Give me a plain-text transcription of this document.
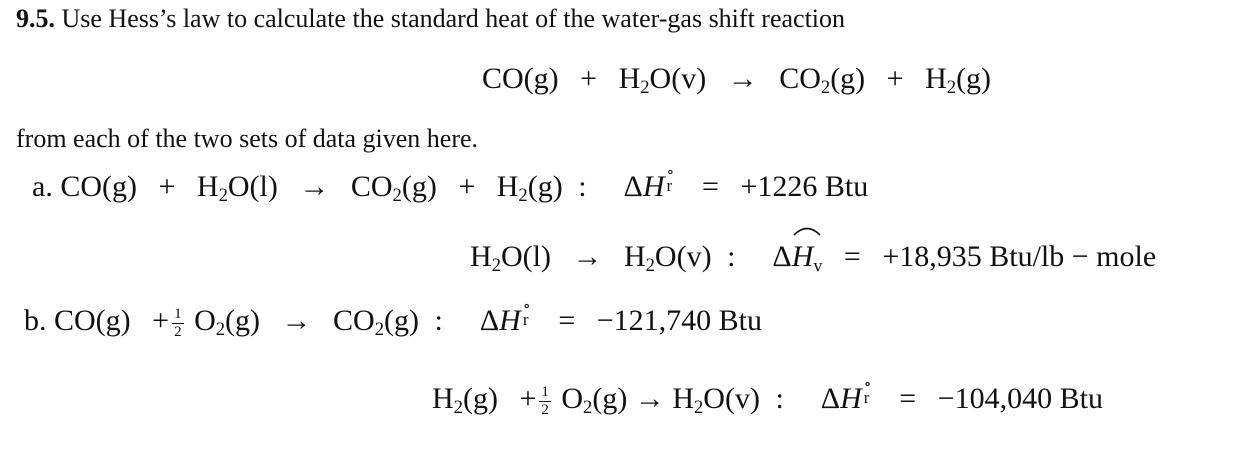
9.5. Use Hess’s law to calculate the standard heat of the water-gas shift reaction
$CO(g) + H_2O(v) \to CO_2(g) + H_2(g)$
from each of the two sets of data given here.
a. $CO(g) + H_2O(l) \to CO_2(g) + H_2(g)$ : ΔH ∘
r = +1226 Btu
$H_2O(l) \to H_2O(v)$ : Δ
Hv = +18,935 Btu/lb − mole
b. $CO(g) + \frac{1}{2} O_2(g) \to CO_2(g)$ : ΔH ∘
r = −121,740 Btu
$H_2(g) + \frac{1}{2} O_2(g) \to H_2O(v)$ : ΔH ∘
r = −104,040 Btu
